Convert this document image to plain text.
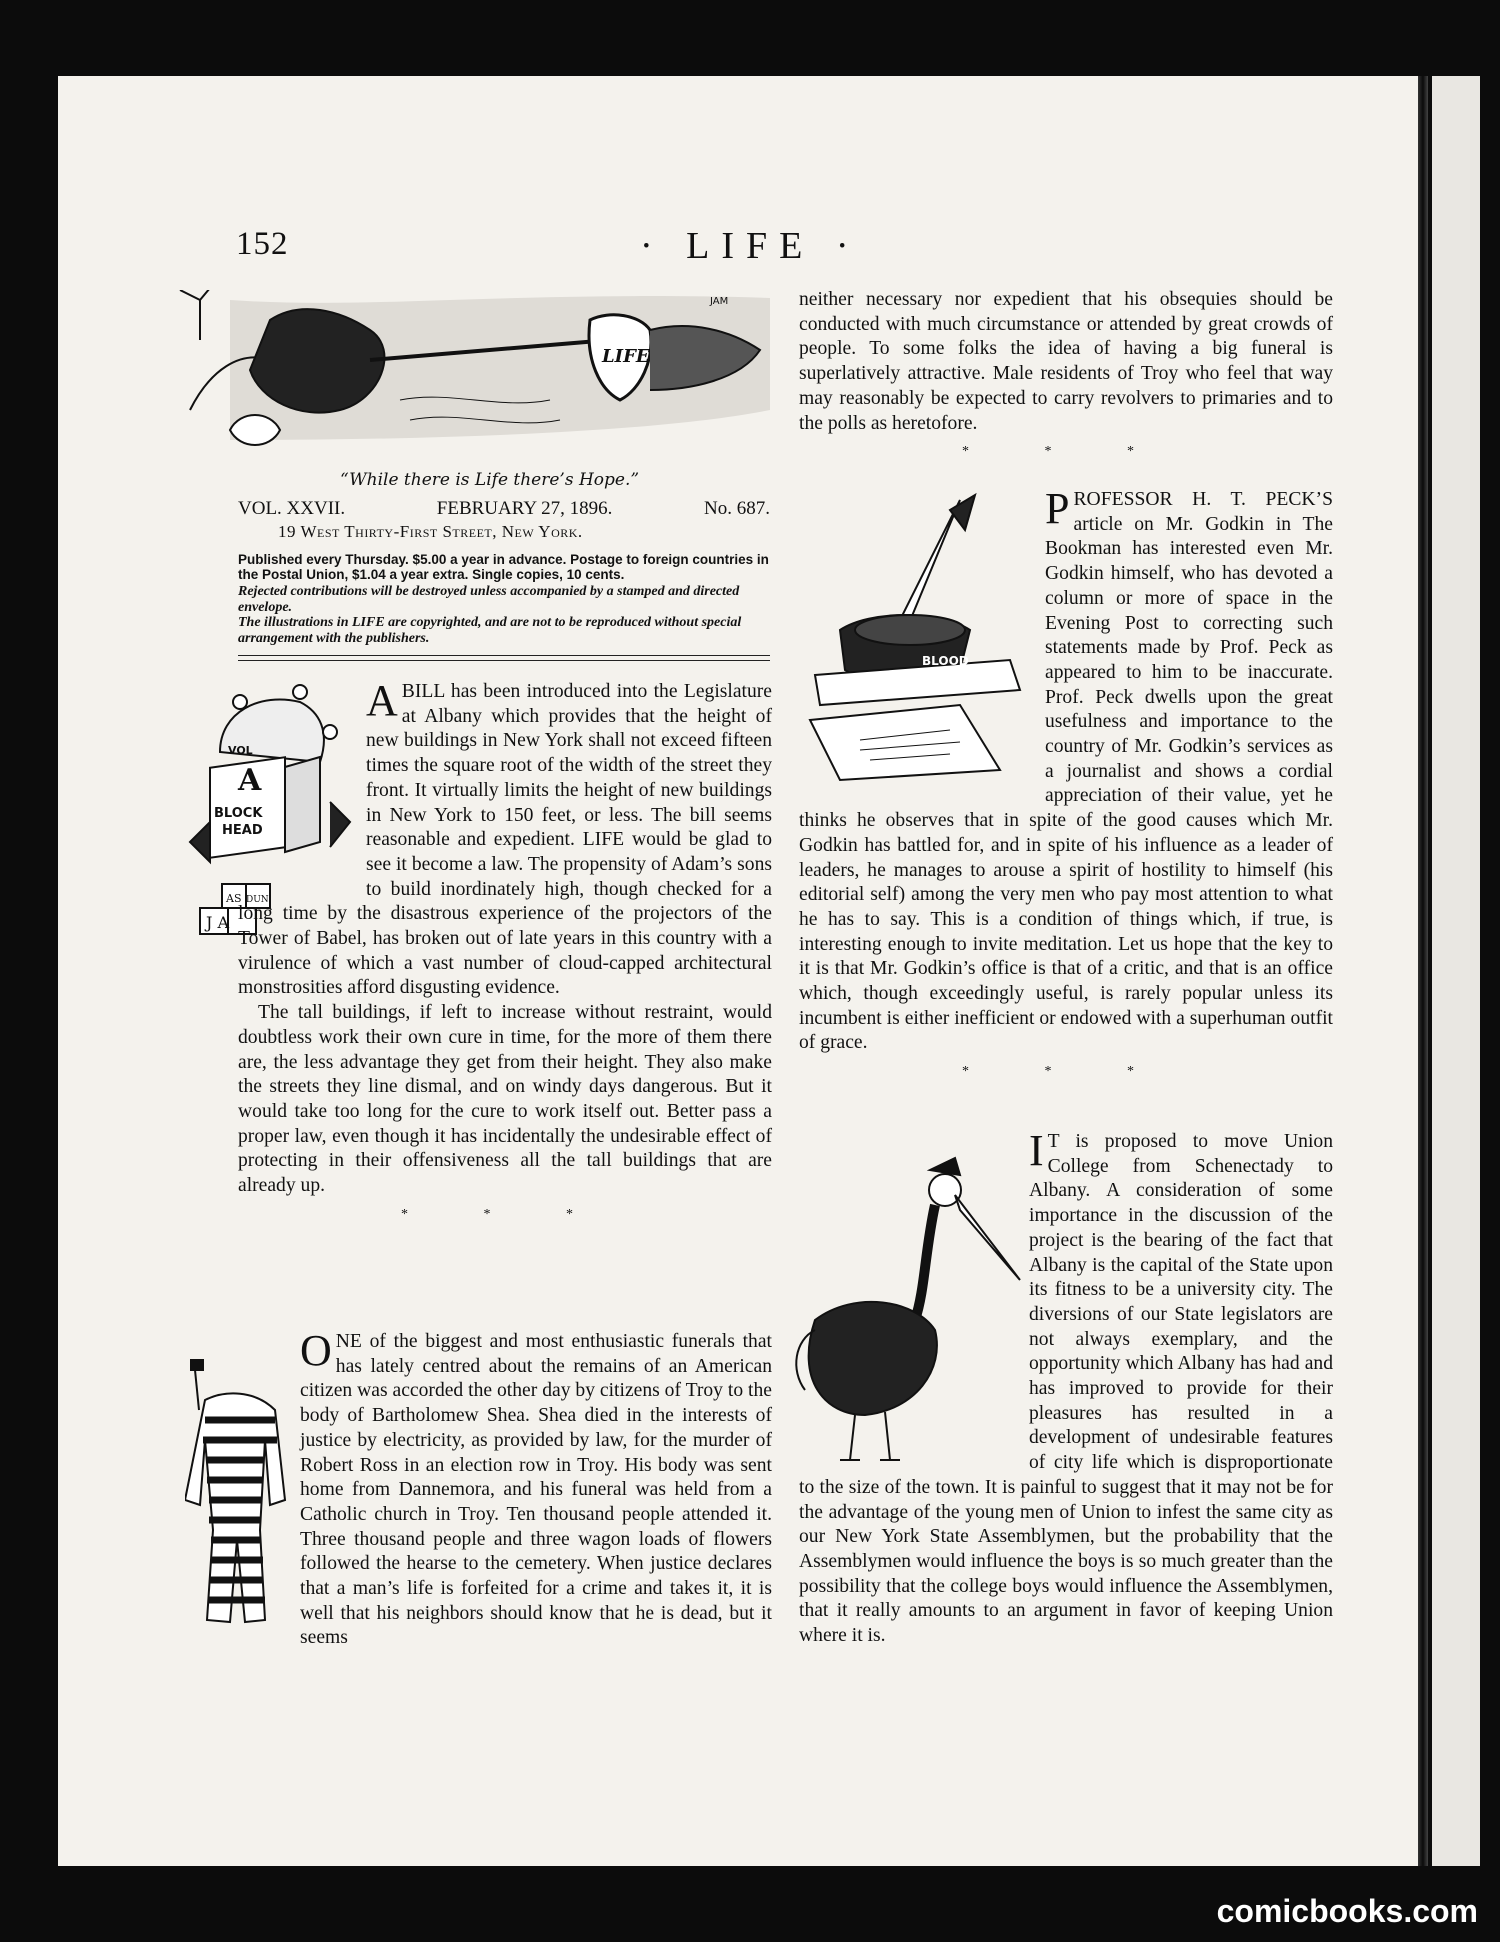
152	· LIFE ·
LIFE
JAM
“While there is Life there’s Hope.”
VOL. XXVII.	FEBRUARY 27, 1896.	No. 687.
19 West Thirty-First Street, New York.
Published every Thursday. $5.00 a year in advance. Postage to foreign countries in the Postal Union, $1.04 a year extra. Single copies, 10 cents.
Rejected contributions will be destroyed unless accompanied by a stamped and directed envelope.
The illustrations in LIFE are copyrighted, and are not to be reproduced without special arrangement with the publishers.
VOL
A
BLOCK
HEAD
AS DUN
J A

ABILL has been introduced into the Legislature at Albany which provides that the height of new buildings in New York shall not exceed fifteen times the square root of the width of the street they front. It virtually limits the height of new buildings in New York to 150 feet, or less. The bill seems reasonable and expedient. LIFE would be glad to see it become a law. The propensity of Adam’s sons to build inordinately high, though checked for a long time by the disastrous experience of the projectors of the Tower of Babel, has broken out of late years in this country with a virulence of which a vast number of cloud-capped architectural monstrosities afford disgusting evidence.

The tall buildings, if left to increase without restraint, would doubtless work their own cure in time, for the more of them there are, the less advantage they get from their height. They also make the streets they line dismal, and on windy days dangerous. But it would take too long for the cure to work itself out. Better pass a proper law, even though it has incidentally the undesirable effect of protecting in their offensiveness all the tall buildings that are already up.

* * *

ONE of the biggest and most enthusiastic funerals that has lately centred about the remains of an American citizen was accorded the other day by citizens of Troy to the body of Bartholomew Shea. Shea died in the interests of justice by electricity, as provided by law, for the murder of Robert Ross in an election row in Troy. His body was sent home from Dannemora, and his funeral was held from a Catholic church in Troy. Ten thousand people attended it. Three thousand people and three wagon loads of flowers followed the hearse to the cemetery. When justice declares that a man’s life is forfeited for a crime and takes it, it is well that his neighbors should know that he is dead, but it seems

neither necessary nor expedient that his obsequies should be conducted with much circumstance or attended by great crowds of people. To some folks the idea of having a big funeral is superlatively attractive. Male residents of Troy who feel that way may reasonably be expected to carry revolvers to primaries and to the polls as heretofore.

* * *
BLOOD

PROFESSOR H. T. PECK’S article on Mr. Godkin in The Bookman has interested even Mr. Godkin himself, who has devoted a column or more of space in the Evening Post to correcting such statements made by Prof. Peck as appeared to him to be inaccurate. Prof. Peck dwells upon the great usefulness and importance to the country of Mr. Godkin’s services as a journalist and shows a cordial appreciation of their value, yet he thinks he observes that in spite of the good causes which Mr. Godkin has battled for, and in spite of his influence as a leader of leaders, he manages to arouse a spirit of hostility to himself (his editorial self) among the very men who pay most attention to what he has to say. This is a condition of things which, if true, is interesting enough to invite meditation. Let us hope that the key to it is that Mr. Godkin’s office is that of a critic, and that is an office which, though exceedingly useful, is rarely popular unless its incumbent is either inefficient or endowed with a superhuman outfit of grace.

* * *

I T is proposed to move Union College from Schenectady to Albany. A consideration of some importance in the discussion of the project is the bearing of the fact that Albany is the capital of the State upon its fitness to be a university city. The diversions of our State legislators are not always exemplary, and the opportunity which Albany has had and has improved to provide for their pleasures has resulted in a development of undesirable features of city life which is disproportionate to the size of the town. It is painful to suggest that it may not be for the advantage of the young men of Union to infest the same city as our New York State Assemblymen, but the probability that the Assemblymen would influence the boys is so much greater than the possibility that the college boys would influence the Assemblymen, that it really amounts to an argument in favor of keeping Union where it is.

comicbooks.com
